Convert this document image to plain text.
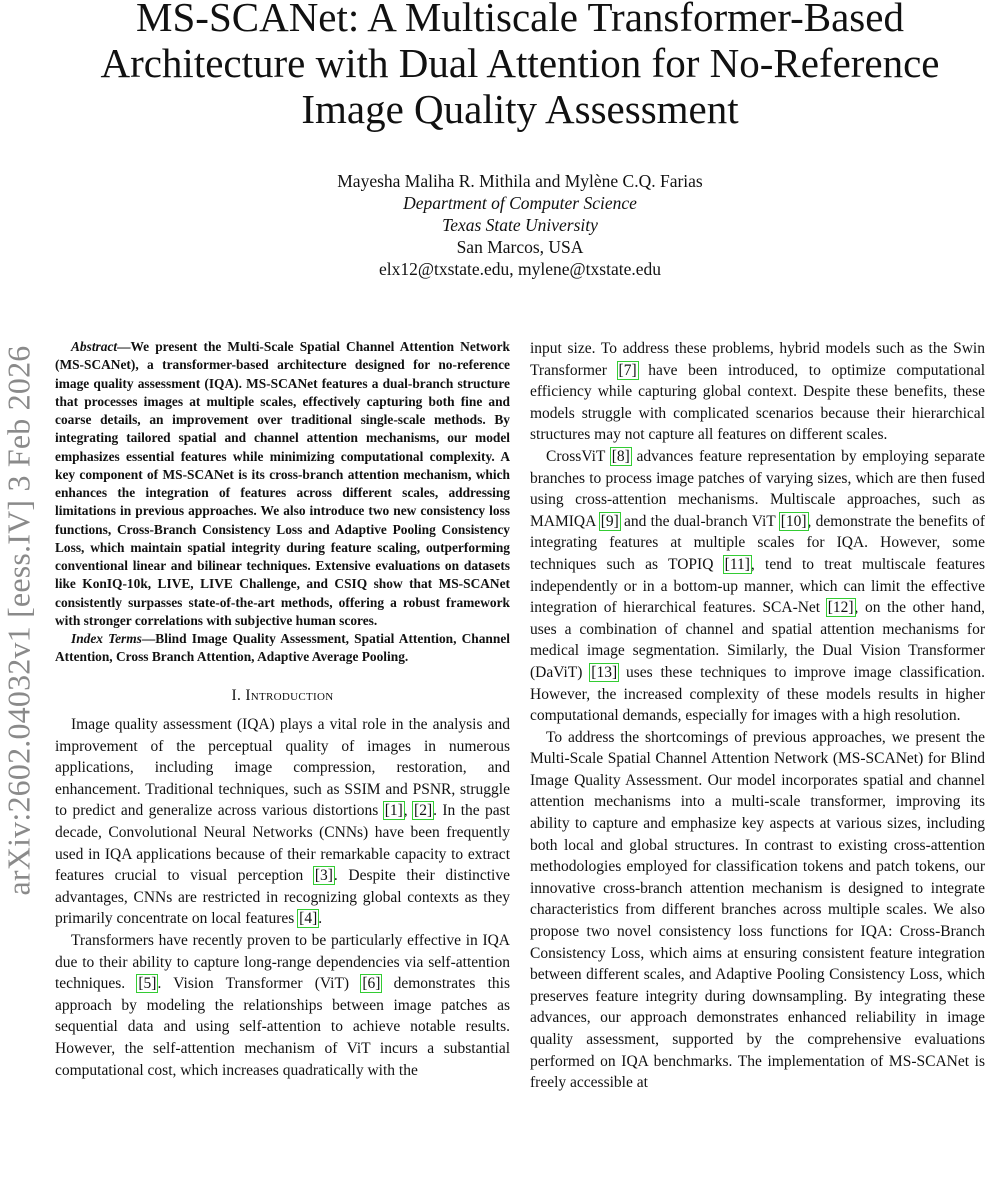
arXiv:2602.04032v1 [eess.IV] 3 Feb 2026
MS-SCANet: A Multiscale Transformer-Based
Architecture with Dual Attention for No-Reference
Image Quality Assessment
Mayesha Maliha R. Mithila and Mylène C.Q. Farias
Department of Computer Science
Texas State University
San Marcos, USA
elx12@txstate.edu, mylene@txstate.edu

Abstract—We present the Multi-Scale Spatial Channel Attention Network (MS-SCANet), a transformer-based architecture designed for no-reference image quality assessment (IQA). MS-SCANet features a dual-branch structure that processes images at multiple scales, effectively capturing both fine and coarse details, an improvement over traditional single-scale methods. By integrating tailored spatial and channel attention mechanisms, our model emphasizes essential features while minimizing computational complexity. A key component of MS-SCANet is its cross-branch attention mechanism, which enhances the integration of features across different scales, addressing limitations in previous approaches. We also introduce two new consistency loss functions, Cross-Branch Consistency Loss and Adaptive Pooling Consistency Loss, which maintain spatial integrity during feature scaling, outperforming conventional linear and bilinear techniques. Extensive evaluations on datasets like KonIQ-10k, LIVE, LIVE Challenge, and CSIQ show that MS-SCANet consistently surpasses state-of-the-art methods, offering a robust framework with stronger correlations with subjective human scores.

Index Terms—Blind Image Quality Assessment, Spatial Attention, Channel Attention, Cross Branch Attention, Adaptive Average Pooling.

I. Introduction

Image quality assessment (IQA) plays a vital role in the analysis and improvement of the perceptual quality of images in numerous applications, including image compression, restoration, and enhancement. Traditional techniques, such as SSIM and PSNR, struggle to predict and generalize across various distortions [1], [2]. In the past decade, Convolutional Neural Networks (CNNs) have been frequently used in IQA applications because of their remarkable capacity to extract features crucial to visual perception [3]. Despite their distinctive advantages, CNNs are restricted in recognizing global contexts as they primarily concentrate on local features [4].

Transformers have recently proven to be particularly effective in IQA due to their ability to capture long-range dependencies via self-attention techniques. [5]. Vision Transformer (ViT) [6] demonstrates this approach by modeling the relationships between image patches as sequential data and using self-attention to achieve notable results. However, the self-attention mechanism of ViT incurs a substantial computational cost, which increases quadratically with the

input size. To address these problems, hybrid models such as the Swin Transformer [7] have been introduced, to optimize computational efficiency while capturing global context. Despite these benefits, these models struggle with complicated scenarios because their hierarchical structures may not capture all features on different scales.

CrossViT [8] advances feature representation by employing separate branches to process image patches of varying sizes, which are then fused using cross-attention mechanisms. Multiscale approaches, such as MAMIQA [9] and the dual-branch ViT [10], demonstrate the benefits of integrating features at multiple scales for IQA. However, some techniques such as TOPIQ [11], tend to treat multiscale features independently or in a bottom-up manner, which can limit the effective integration of hierarchical features. SCA-Net [12], on the other hand, uses a combination of channel and spatial attention mechanisms for medical image segmentation. Similarly, the Dual Vision Transformer (DaViT) [13] uses these techniques to improve image classification. However, the increased complexity of these models results in higher computational demands, especially for images with a high resolution.

To address the shortcomings of previous approaches, we present the Multi-Scale Spatial Channel Attention Network (MS-SCANet) for Blind Image Quality Assessment. Our model incorporates spatial and channel attention mechanisms into a multi-scale transformer, improving its ability to capture and emphasize key aspects at various sizes, including both local and global structures. In contrast to existing cross-attention methodologies employed for classification tokens and patch tokens, our innovative cross-branch attention mechanism is designed to integrate characteristics from different branches across multiple scales. We also propose two novel consistency loss functions for IQA: Cross-Branch Consistency Loss, which aims at ensuring consistent feature integration between different scales, and Adaptive Pooling Consistency Loss, which preserves feature integrity during downsampling. By integrating these advances, our approach demonstrates enhanced reliability in image quality assessment, supported by the comprehensive evaluations performed on IQA benchmarks. The implementation of MS-SCANet is freely accessible at
